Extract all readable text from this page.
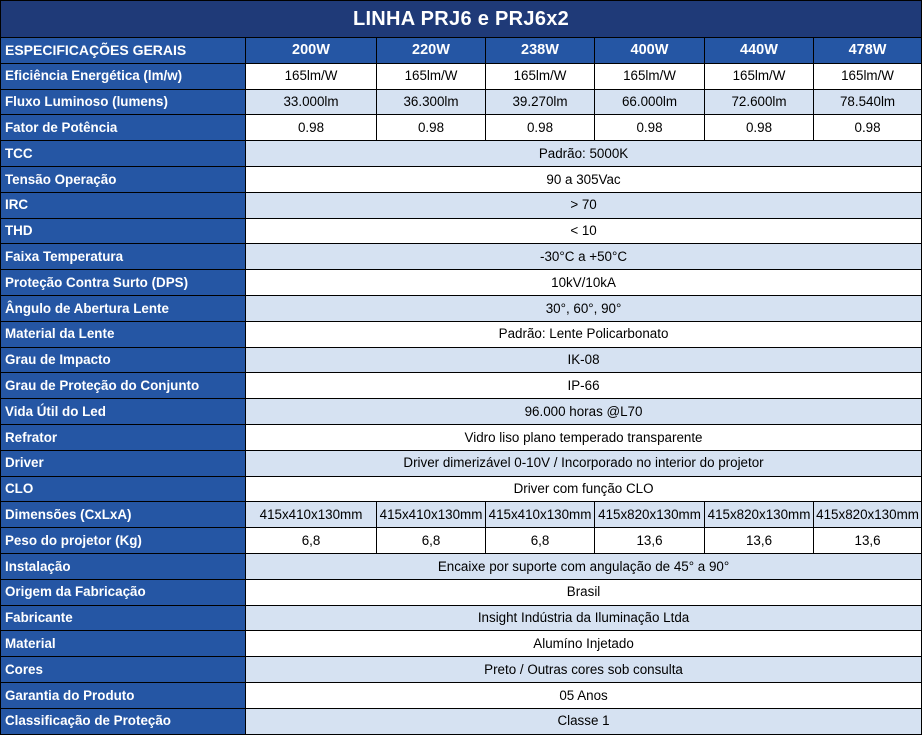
LINHA PRJ6 e PRJ6x2						
ESPECIFICAÇÕES GERAIS	200W	220W	238W	400W	440W	478W
Eficiência Energética (lm/w)	165lm/W	165lm/W	165lm/W	165lm/W	165lm/W	165lm/W
Fluxo Luminoso (lumens)	33.000lm	36.300lm	39.270lm	66.000lm	72.600lm	78.540lm
Fator de Potência	0.98	0.98	0.98	0.98	0.98	0.98
TCC	Padrão: 5000K					
Tensão Operação	90 a 305Vac					
IRC	> 70					
THD	< 10					
Faixa Temperatura	-30°C a +50°C					
Proteção Contra Surto (DPS)	10kV/10kA					
Ângulo de Abertura Lente	30°, 60°, 90°					
Material da Lente	Padrão: Lente Policarbonato					
Grau de Impacto	IK-08					
Grau de Proteção do Conjunto	IP-66					
Vida Útil do Led	96.000 horas @L70					
Refrator	Vidro liso plano temperado transparente					
Driver	Driver dimerizável 0-10V / Incorporado no interior do projetor					
CLO	Driver com função CLO					
Dimensões (CxLxA)	415x410x130mm	415x410x130mm	415x410x130mm	415x820x130mm	415x820x130mm	415x820x130mm
Peso do projetor (Kg)	6,8	6,8	6,8	13,6	13,6	13,6
Instalação	Encaixe por suporte com angulação de 45° a 90°					
Origem da Fabricação	Brasil					
Fabricante	Insight Indústria da Iluminação Ltda					
Material	Alumíno Injetado					
Cores	Preto / Outras cores sob consulta					
Garantia do Produto	05 Anos					
Classificação de Proteção	Classe 1					
